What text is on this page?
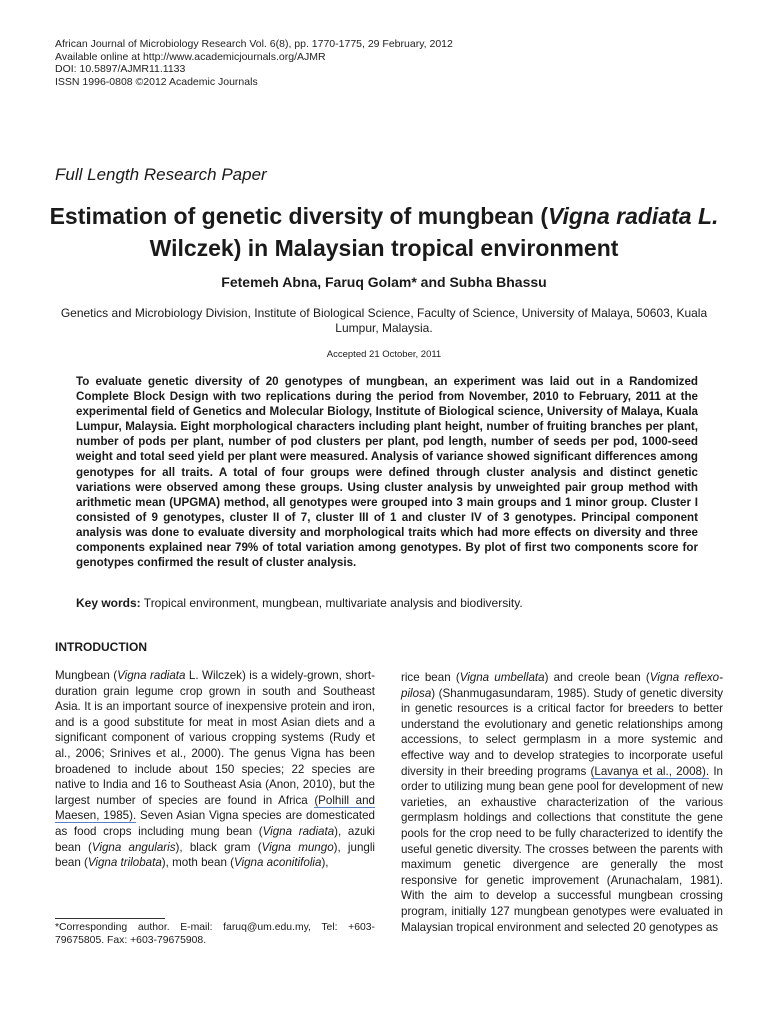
African Journal of Microbiology Research Vol. 6(8), pp. 1770-1775, 29 February, 2012
Available online at http://www.academicjournals.org/AJMR
DOI: 10.5897/AJMR11.1133
ISSN 1996-0808 ©2012 Academic Journals
Full Length Research Paper
Estimation of genetic diversity of mungbean (Vigna radiata L. Wilczek) in Malaysian tropical environment
Fetemeh Abna, Faruq Golam* and Subha Bhassu
Genetics and Microbiology Division, Institute of Biological Science, Faculty of Science, University of Malaya, 50603, Kuala Lumpur, Malaysia.
Accepted 21 October, 2011
To evaluate genetic diversity of 20 genotypes of mungbean, an experiment was laid out in a Randomized Complete Block Design with two replications during the period from November, 2010 to February, 2011 at the experimental field of Genetics and Molecular Biology, Institute of Biological science, University of Malaya, Kuala Lumpur, Malaysia. Eight morphological characters including plant height, number of fruiting branches per plant, number of pods per plant, number of pod clusters per plant, pod length, number of seeds per pod, 1000-seed weight and total seed yield per plant were measured. Analysis of variance showed significant differences among genotypes for all traits. A total of four groups were defined through cluster analysis and distinct genetic variations were observed among these groups. Using cluster analysis by unweighted pair group method with arithmetic mean (UPGMA) method, all genotypes were grouped into 3 main groups and 1 minor group. Cluster I consisted of 9 genotypes, cluster II of 7, cluster III of 1 and cluster IV of 3 genotypes. Principal component analysis was done to evaluate diversity and morphological traits which had more effects on diversity and three components explained near 79% of total variation among genotypes. By plot of first two components score for genotypes confirmed the result of cluster analysis.
Key words: Tropical environment, mungbean, multivariate analysis and biodiversity.
INTRODUCTION
Mungbean (Vigna radiata L. Wilczek) is a widely-grown, short-duration grain legume crop grown in south and Southeast Asia. It is an important source of inexpensive protein and iron, and is a good substitute for meat in most Asian diets and a significant component of various cropping systems (Rudy et al., 2006; Srinives et al., 2000). The genus Vigna has been broadened to include about 150 species; 22 species are native to India and 16 to Southeast Asia (Anon, 2010), but the largest number of species are found in Africa (Polhill and Maesen, 1985). Seven Asian Vigna species are domesticated as food crops including mung bean (Vigna radiata), azuki bean (Vigna angularis), black gram (Vigna mungo), jungli bean (Vigna trilobata), moth bean (Vigna aconitifolia),
rice bean (Vigna umbellata) and creole bean (Vigna reflexo-pilosa) (Shanmugasundaram, 1985). Study of genetic diversity in genetic resources is a critical factor for breeders to better understand the evolutionary and genetic relationships among accessions, to select germplasm in a more systemic and effective way and to develop strategies to incorporate useful diversity in their breeding programs (Lavanya et al., 2008). In order to utilizing mung bean gene pool for development of new varieties, an exhaustive characterization of the various germplasm holdings and collections that constitute the gene pools for the crop need to be fully characterized to identify the useful genetic diversity. The crosses between the parents with maximum genetic divergence are generally the most responsive for genetic improvement (Arunachalam, 1981). With the aim to develop a successful mungbean crossing program, initially 127 mungbean genotypes were evaluated in Malaysian tropical environment and selected 20 genotypes as
*Corresponding author. E-mail: faruq@um.edu.my, Tel: +603-79675805. Fax: +603-79675908.
